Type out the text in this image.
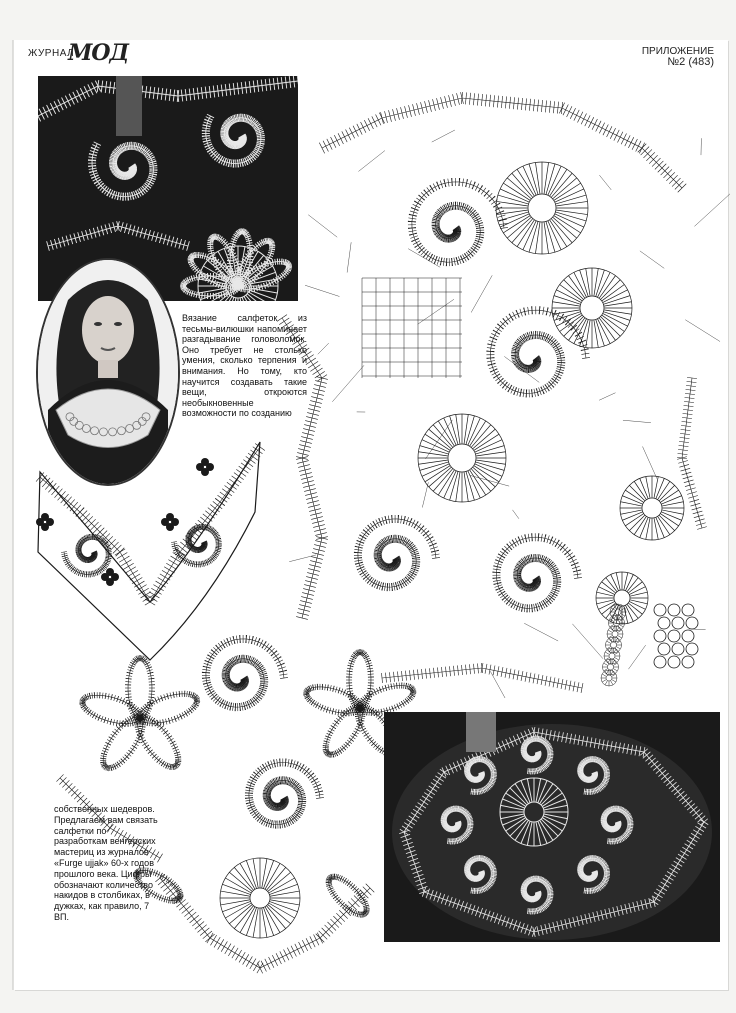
ЖУРНАЛ
МОД	ПРИЛОЖЕНИЕ
№2 (483)
Вязание салфеток из тесьмы-вилюшки напоминает разгадывание головоломок. Оно требует не столько умения, сколько терпения и внимания. Но тому, кто научится создавать такие вещи, откроются необыкновенные возможности по созданию
собственных шедевров. Предлагаем вам связать салфетки по разработкам венгерских мастериц из журналов «Furge ujjak» 60-х годов прошлого века. Цифры обозначают количество накидов в столбиках, в дужках, как правило, 7 ВП.
